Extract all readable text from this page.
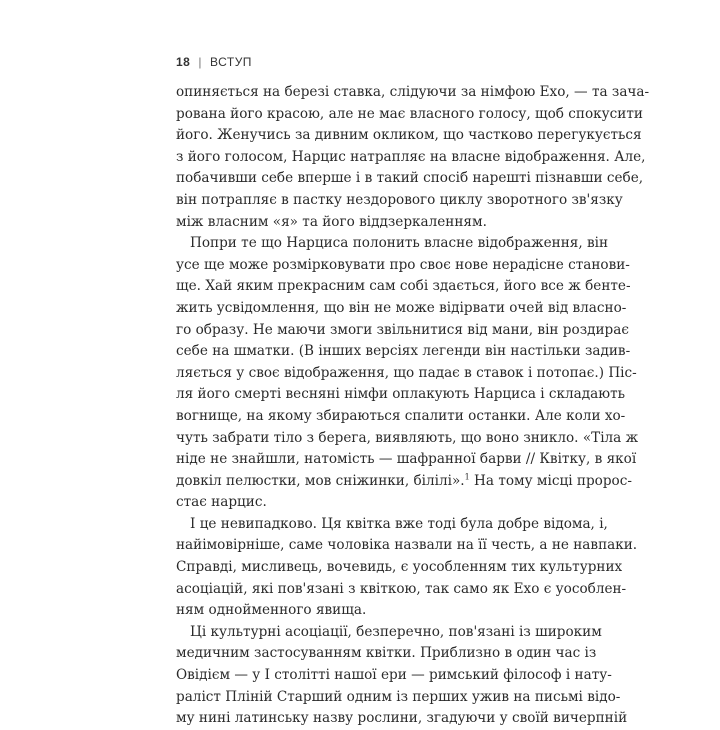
18 | ВСТУП
опиняється на березі ставка, слідуючи за німфою Ехо, — та зача-
рована його красою, але не має власного голосу, щоб спокусити
його. Женучись за дивним окликом, що частково перегукується
з його голосом, Нарцис натрапляє на власне відображення. Але,
побачивши себе вперше і в такий спосіб нарешті пізнавши себе,
він потрапляє в пастку нездорового циклу зворотного зв'язку
між власним «я» та його віддзеркаленням.
Попри те що Нарциса полонить власне відображення, він
усе ще може розмірковувати про своє нове нерадісне станови-
ще. Хай яким прекрасним сам собі здається, його все ж бенте-
жить усвідомлення, що він не може відірвати очей від власно-
го образу. Не маючи змоги звільнитися від мани, він роздирає
себе на шматки. (В інших версіях легенди він настільки задив-
ляється у своє відображення, що падає в ставок і потопає.) Піс-
ля його смерті весняні німфи оплакують Нарциса і складають
вогнище, на якому збираються спалити останки. Але коли хо-
чуть забрати тіло з берега, виявляють, що воно зникло. «Тіла ж
ніде не знайшли, натомість — шафранної барви // Квітку, в якої
довкіл пелюстки, мов сніжинки, білілі».$^1$ На тому місці пророс-
стає нарцис.
І це невипадково. Ця квітка вже тоді була добре відома, і,
найімовірніше, саме чоловіка назвали на її честь, а не навпаки.
Справді, мисливець, вочевидь, є уособленням тих культурних
асоціацій, які пов'язані з квіткою, так само як Ехо є уособлен-
ням однойменного явища.
Ці культурні асоціації, безперечно, пов'язані із широким
медичним застосуванням квітки. Приблизно в один час із
Овідієм — у І столітті нашої ери — римський філософ і нату-
раліст Пліній Старший одним із перших ужив на письмі відо-
му нині латинську назву рослини, згадуючи у своїй вичерпній
